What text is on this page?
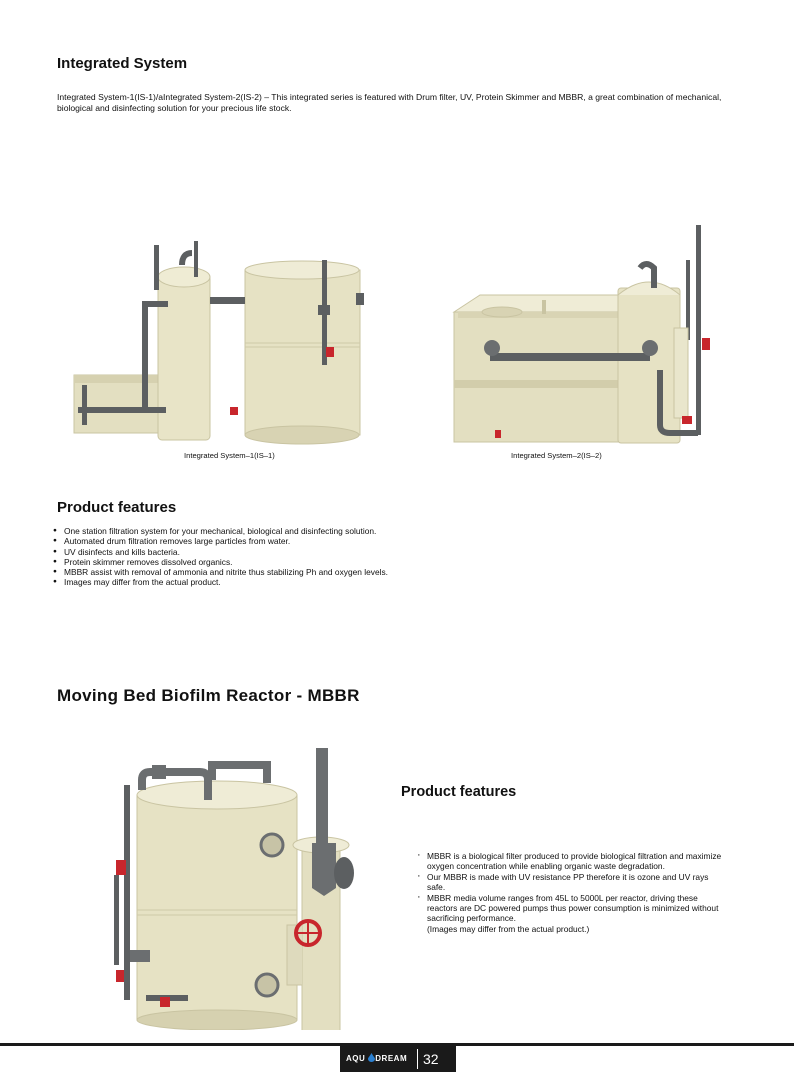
Integrated System
Integrated System-1(IS-1)/aIntegrated System-2(IS-2) – This integrated series is featured with Drum filter, UV, Protein Skimmer and MBBR, a great combination of mechanical, biological and disinfecting solution for your precious life stock.
Integrated System–1(IS–1)	Integrated System–2(IS–2)
Product features
● One station filtration system for your mechanical, biological and disinfecting solution.
● Automated drum filtration removes large particles from water.
● UV disinfects and kills bacteria.
● Protein skimmer removes dissolved organics.
● MBBR assist with removal of ammonia and nitrite thus stabilizing Ph and oxygen levels.
● Images may differ from the actual product.
Moving Bed Biofilm Reactor - MBBR
Product features
· MBBR is a biological filter produced to provide biological filtration and maximize oxygen concentration while enabling organic waste degradation.
· Our MBBR is made with UV resistance PP therefore it is ozone and UV rays safe.
· MBBR media volume ranges from 45L to 5000L per reactor, driving these reactors are DC powered pumps thus power consumption is minimized without sacrificing performance.
(Images may differ from the actual product.)
AQU DREAM 32
